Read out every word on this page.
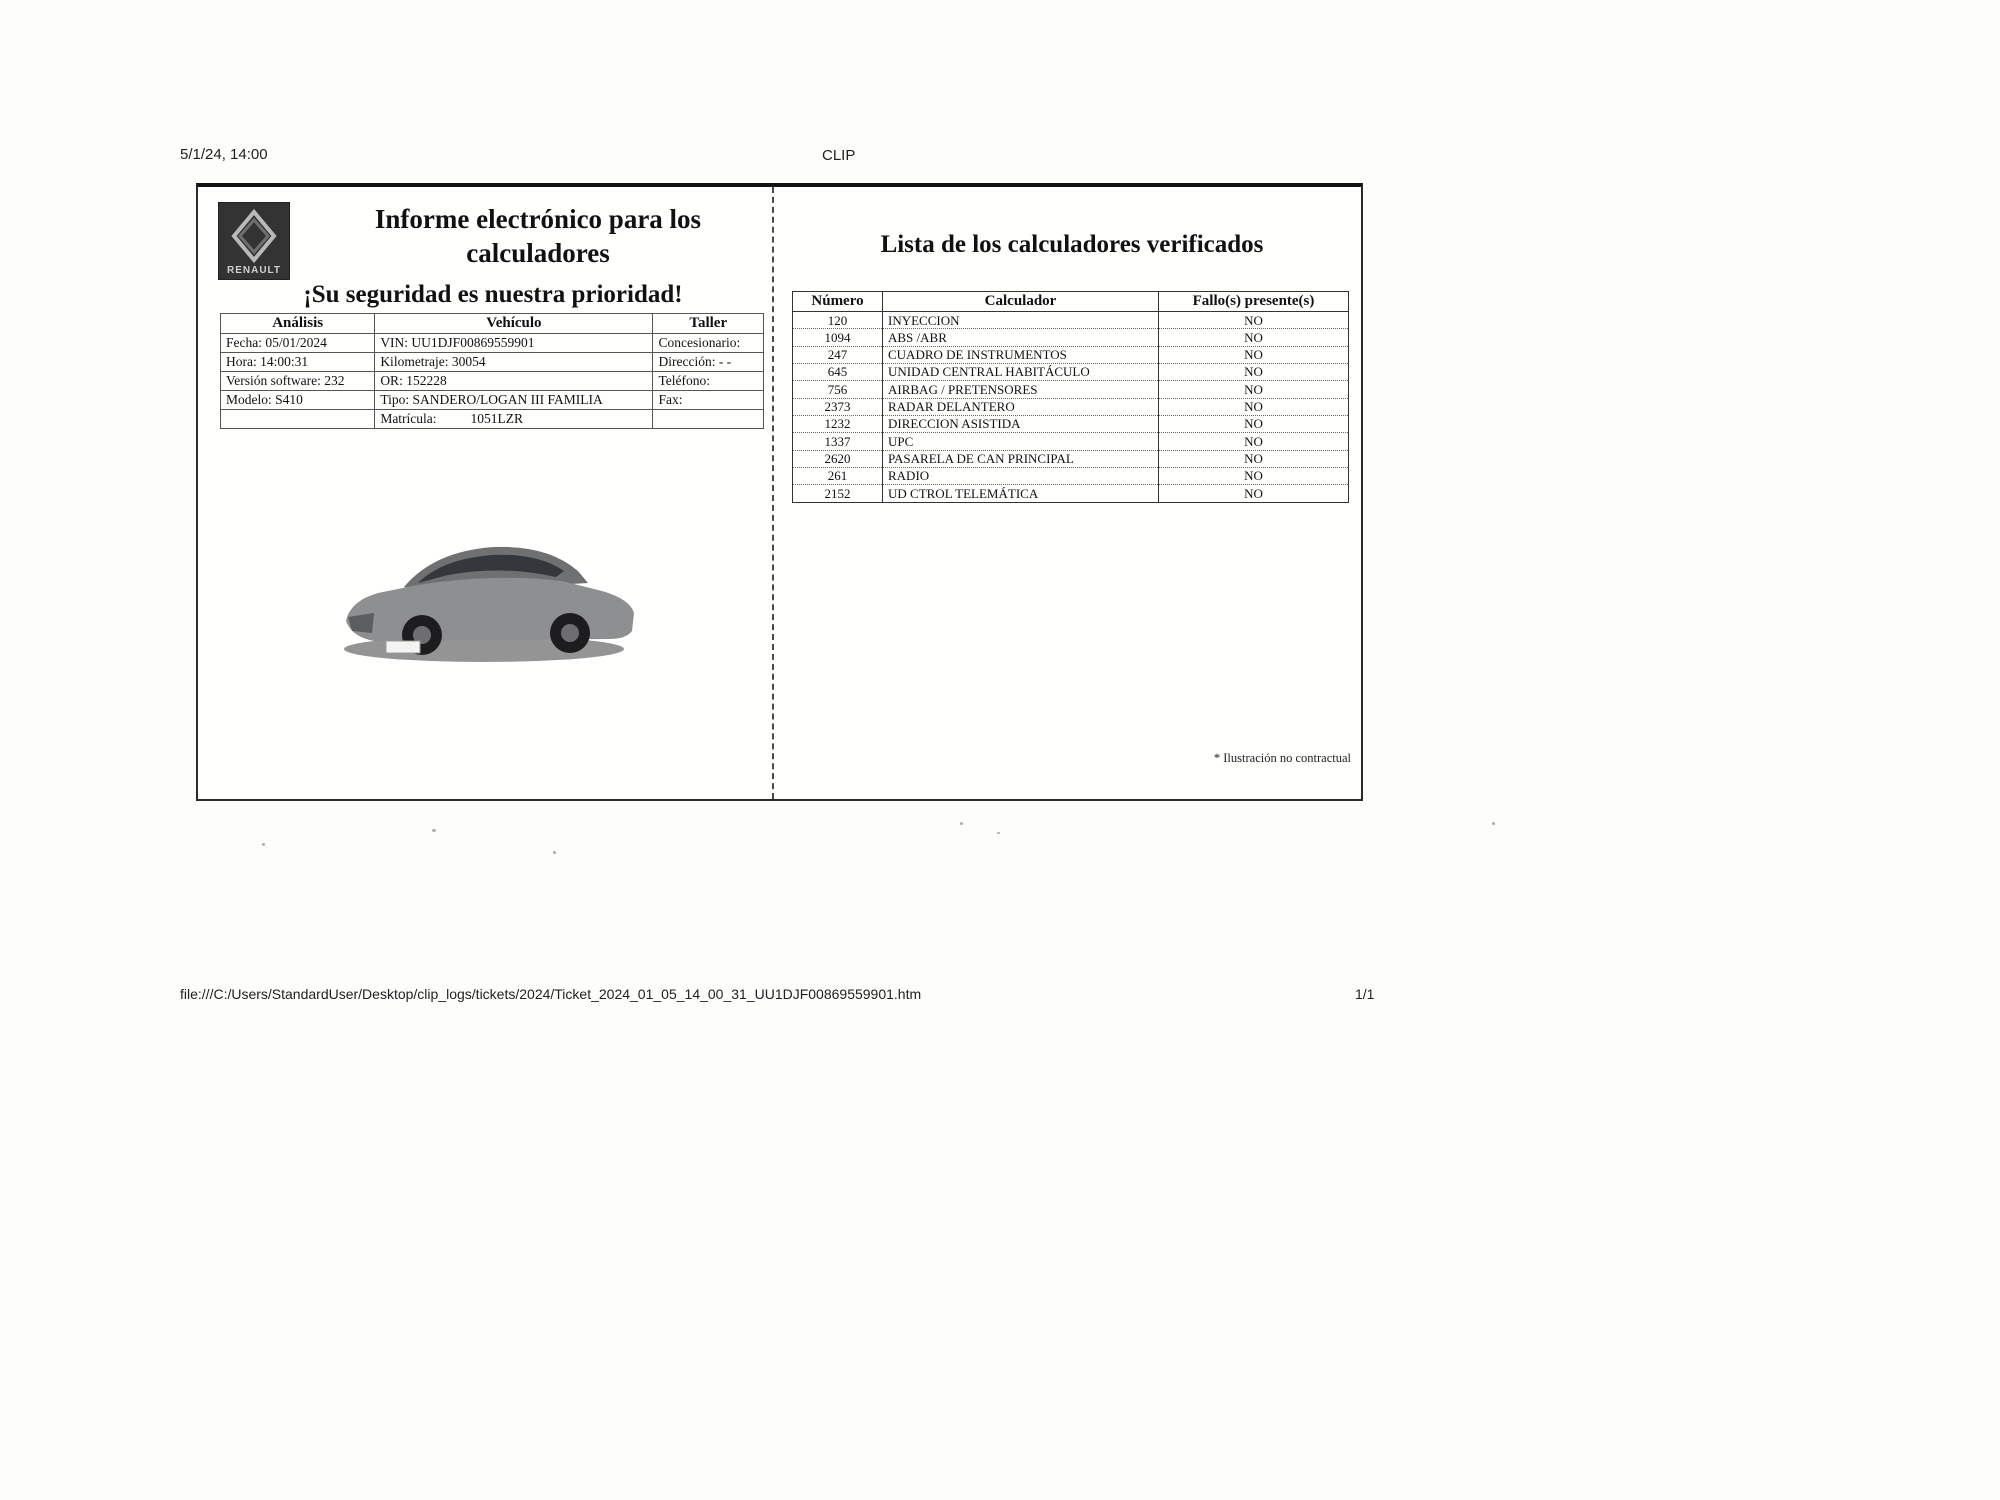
5/1/24, 14:00	CLIP
RENAULT
Informe electrónico para los calculadores
¡Su seguridad es nuestra prioridad!
Análisis	Vehículo	Taller
Fecha: 05/01/2024	VIN: UU1DJF00869559901	Concesionario:
Hora: 14:00:31	Kilometraje: 30054	Dirección: - -
Versión software: 232	OR: 152228	Teléfono:
Modelo: S410	Tipo: SANDERO/LOGAN III FAMILIA	Fax:
	Matrícula: 1051LZR	
* Ilustración no contractual
Lista de los calculadores verificados
Número	Calculador	Fallo(s) presente(s)
120	INYECCION	NO
1094	ABS /ABR	NO
247	CUADRO DE INSTRUMENTOS	NO
645	UNIDAD CENTRAL HABITÁCULO	NO
756	AIRBAG / PRETENSORES	NO
2373	RADAR DELANTERO	NO
1232	DIRECCION ASISTIDA	NO
1337	UPC	NO
2620	PASARELA DE CAN PRINCIPAL	NO
261	RADIO	NO
2152	UD CTROL TELEMÁTICA	NO
file:///C:/Users/StandardUser/Desktop/clip_logs/tickets/2024/Ticket_2024_01_05_14_00_31_UU1DJF00869559901.htm	1/1
